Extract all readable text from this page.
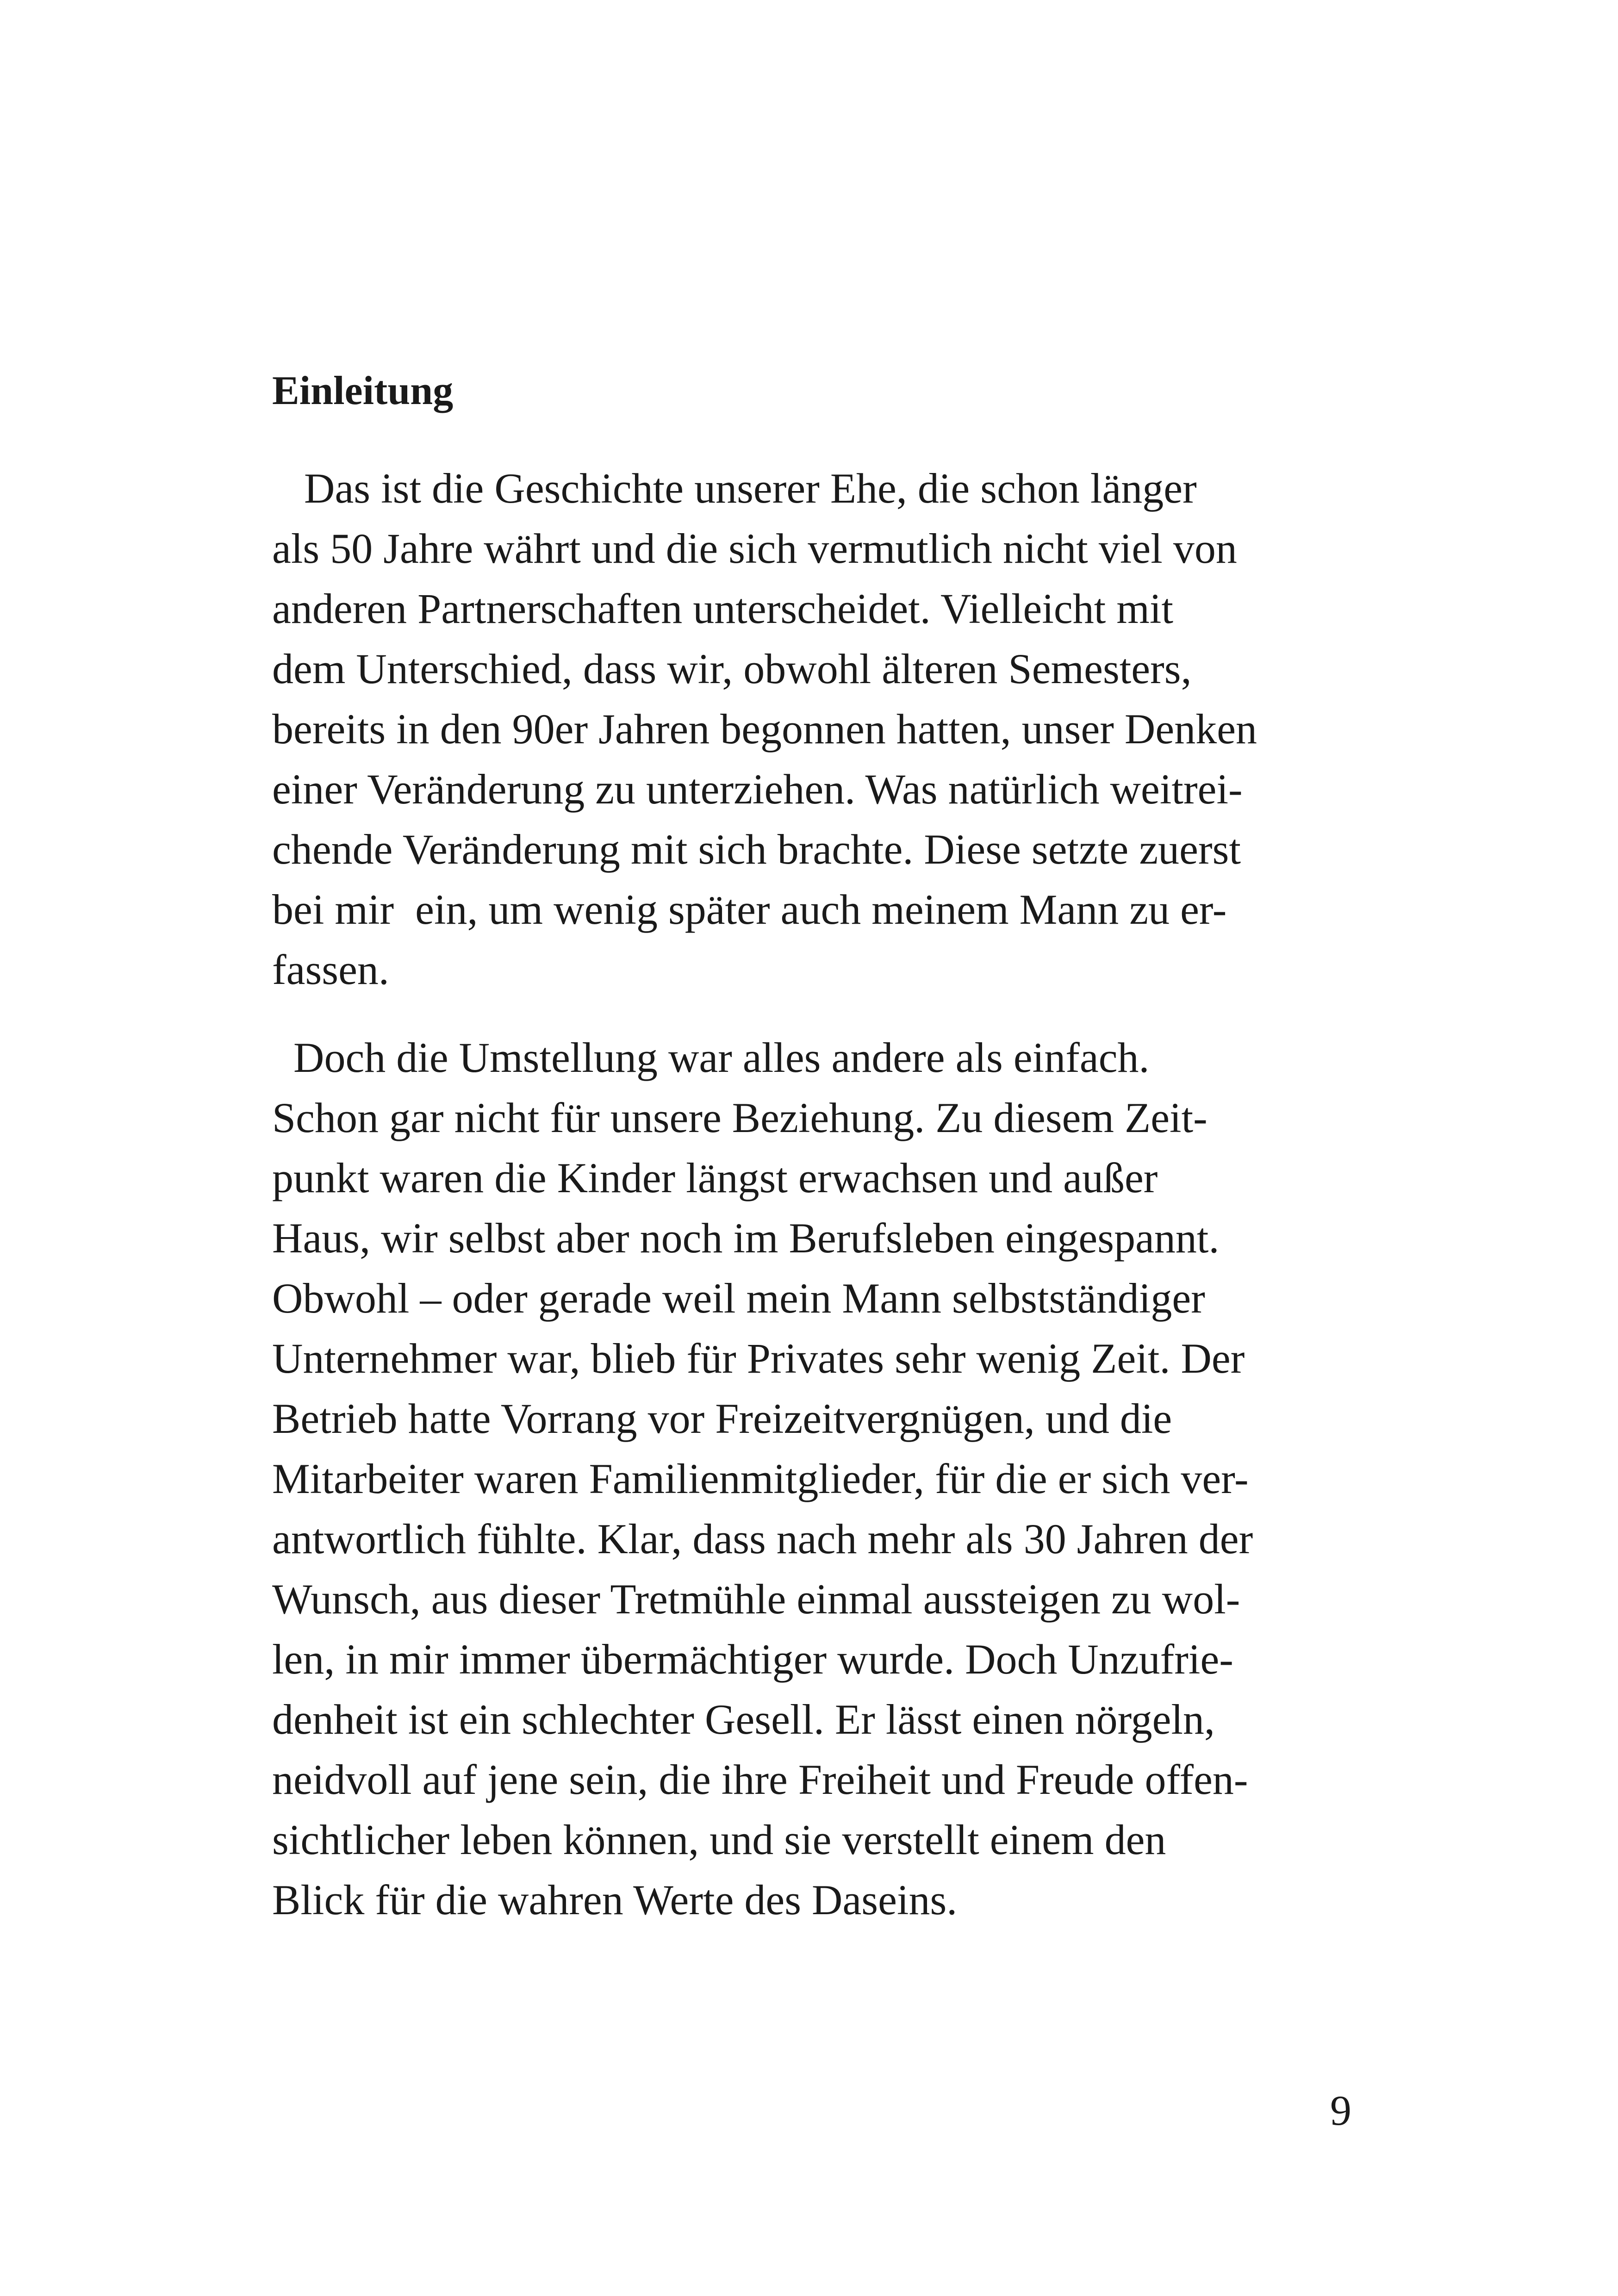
Einleitung
Das ist die Geschichte unserer Ehe, die schon länger
als 50 Jahre währt und die sich vermutlich nicht viel von
anderen Partnerschaften unterscheidet. Vielleicht mit
dem Unterschied, dass wir, obwohl älteren Semesters,
bereits in den 90er Jahren begonnen hatten, unser Denken
einer Veränderung zu unterziehen. Was natürlich weitrei-
chende Veränderung mit sich brachte. Diese setzte zuerst
bei mir  ein, um wenig später auch meinem Mann zu er-
fassen.
Doch die Umstellung war alles andere als einfach.
Schon gar nicht für unsere Beziehung. Zu diesem Zeit-
punkt waren die Kinder längst erwachsen und außer
Haus, wir selbst aber noch im Berufsleben eingespannt.
Obwohl – oder gerade weil mein Mann selbstständiger
Unternehmer war, blieb für Privates sehr wenig Zeit. Der
Betrieb hatte Vorrang vor Freizeitvergnügen, und die
Mitarbeiter waren Familienmitglieder, für die er sich ver-
antwortlich fühlte. Klar, dass nach mehr als 30 Jahren der
Wunsch, aus dieser Tretmühle einmal aussteigen zu wol-
len, in mir immer übermächtiger wurde. Doch Unzufrie-
denheit ist ein schlechter Gesell. Er lässt einen nörgeln,
neidvoll auf jene sein, die ihre Freiheit und Freude offen-
sichtlicher leben können, und sie verstellt einem den
Blick für die wahren Werte des Daseins.
9
